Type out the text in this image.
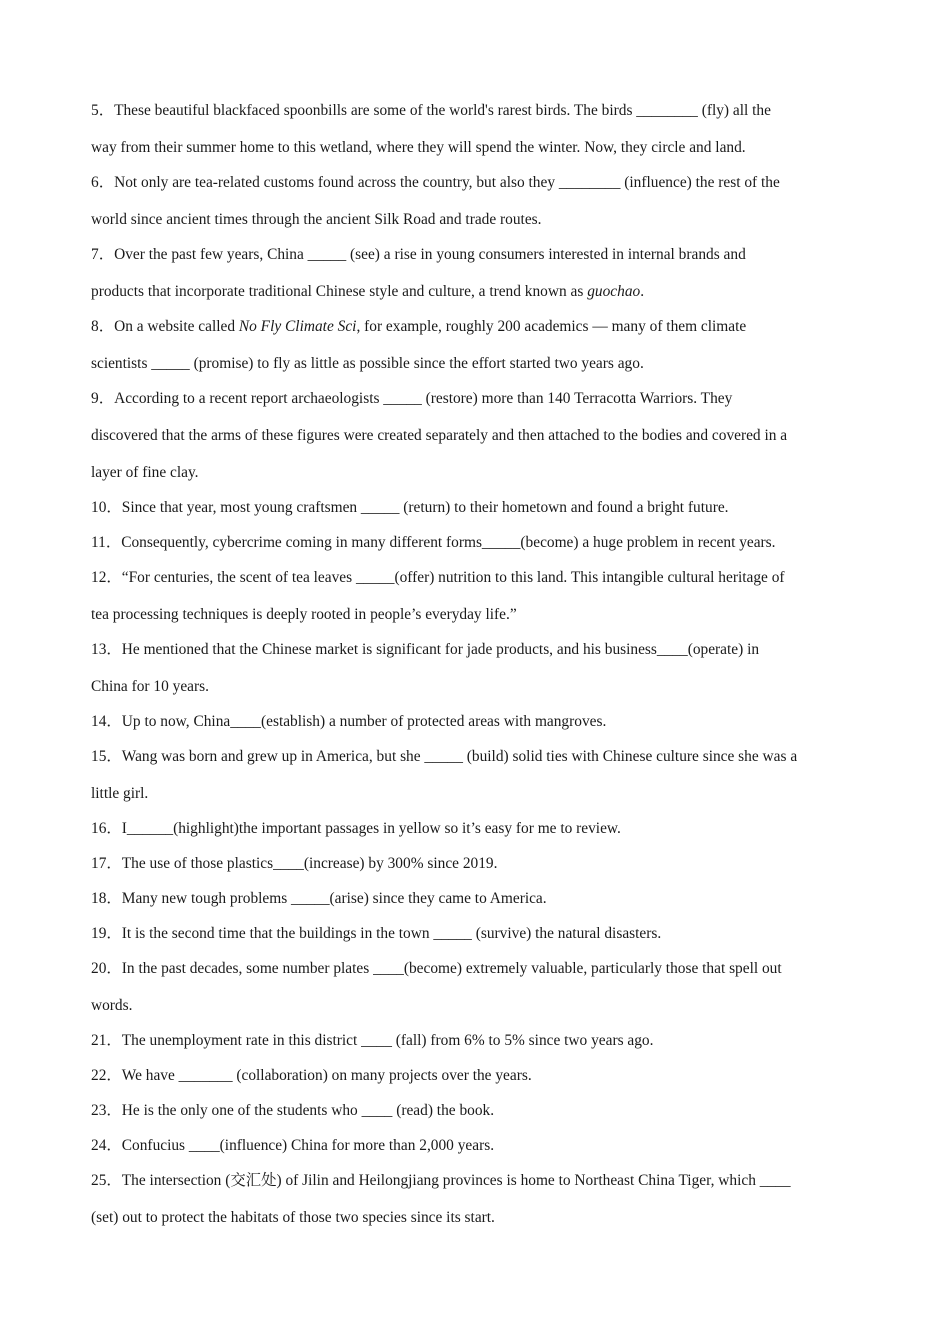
5．These beautiful blackfaced spoonbills are some of the world's rarest birds. The birds ________ (fly) all the

way from their summer home to this wetland, where they will spend the winter. Now, they circle and land.

6．Not only are tea-related customs found across the country, but also they ________ (influence) the rest of the

world since ancient times through the ancient Silk Road and trade routes.

7．Over the past few years, China _____ (see) a rise in young consumers interested in internal brands and

products that incorporate traditional Chinese style and culture, a trend known as guochao.

8．On a website called No Fly Climate Sci, for example, roughly 200 academics — many of them climate

scientists _____ (promise) to fly as little as possible since the effort started two years ago.

9．According to a recent report archaeologists _____ (restore) more than 140 Terracotta Warriors. They

discovered that the arms of these figures were created separately and then attached to the bodies and covered in a

layer of fine clay.

10．Since that year, most young craftsmen _____ (return) to their hometown and found a bright future.

11．Consequently, cybercrime coming in many different forms_____(become) a huge problem in recent years.

12．“For centuries, the scent of tea leaves _____(offer) nutrition to this land. This intangible cultural heritage of

tea processing techniques is deeply rooted in people’s everyday life.”

13．He mentioned that the Chinese market is significant for jade products, and his business____(operate) in

China for 10 years.

14．Up to now, China____(establish) a number of protected areas with mangroves.

15．Wang was born and grew up in America, but she _____ (build) solid ties with Chinese culture since she was a

little girl.

16．I______(highlight)the important passages in yellow so it’s easy for me to review.

17．The use of those plastics____(increase) by 300% since 2019.

18．Many new tough problems _____(arise) since they came to America.

19．It is the second time that the buildings in the town _____ (survive) the natural disasters.

20．In the past decades, some number plates ____(become) extremely valuable, particularly those that spell out

words.

21．The unemployment rate in this district ____ (fall) from 6% to 5% since two years ago.

22．We have _______ (collaboration) on many projects over the years.

23．He is the only one of the students who ____ (read) the book.

24．Confucius ____(influence) China for more than 2,000 years.

25．The intersection (交汇处) of Jilin and Heilongjiang provinces is home to Northeast China Tiger, which ____

(set) out to protect the habitats of those two species since its start.
